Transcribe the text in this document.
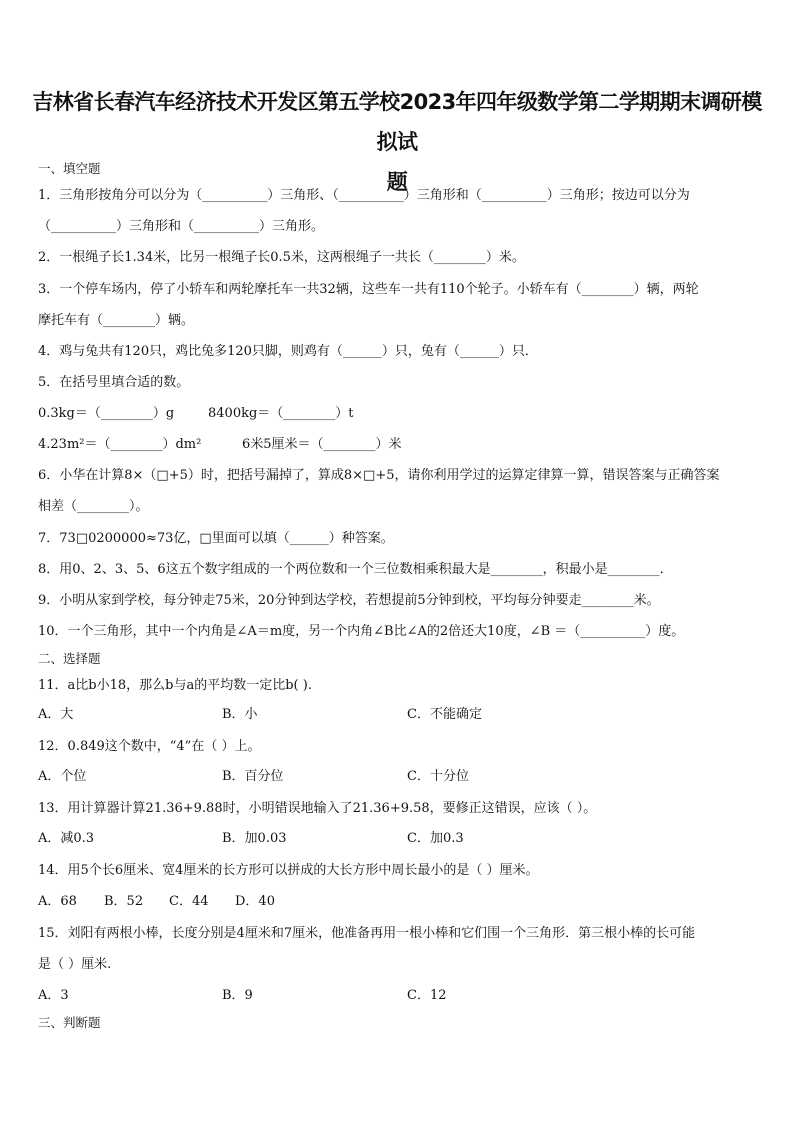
吉林省长春汽车经济技术开发区第五学校2023年四年级数学第二学期期末调研模拟试
题
一、填空题
1．三角形按角分可以分为（__________）三角形、（__________）三角形和（__________）三角形；按边可以分为
（__________）三角形和（__________）三角形。
2．一根绳子长1.34米，比另一根绳子长0.5米，这两根绳子一共长（________）米。
3．一个停车场内，停了小轿车和两轮摩托车一共32辆，这些车一共有110个轮子。小轿车有（________）辆，两轮
摩托车有（________）辆。
4．鸡与兔共有120只，鸡比兔多120只脚，则鸡有（______）只，兔有（______）只．
5．在括号里填合适的数。
0.3kg＝（________）g	8400kg＝（________）t
4.23m²＝（________）dm²	6米5厘米＝（________）米
6．小华在计算8×（□+5）时，把括号漏掉了，算成8×□+5，请你利用学过的运算定律算一算，错误答案与正确答案
相差（________）。
7．73□0200000≈73亿，□里面可以填（______）种答案。
8．用0、2、3、5、6这五个数字组成的一个两位数和一个三位数相乘积最大是________，积最小是________．
9．小明从家到学校，每分钟走75米，20分钟到达学校，若想提前5分钟到校，平均每分钟要走________米。
10．一个三角形，其中一个内角是∠A＝m度，另一个内角∠B比∠A的2倍还大10度，∠B ＝（__________）度。
二、选择题
11．a比b小18，那么b与a的平均数一定比b( ).
A．大	B．小	C．不能确定
12．0.849这个数中，“4”在（ ）上。
A．个位	B．百分位	C．十分位
13．用计算器计算21.36+9.88时，小明错误地输入了21.36+9.58，要修正这错误，应该（ ）。
A．减0.3	B．加0.03	C．加0.3
14．用5个长6厘米、宽4厘米的长方形可以拼成的大长方形中周长最小的是（ ）厘米。
A．68 B．52 C．44 D．40
15．刘阳有两根小棒，长度分别是4厘米和7厘米，他准备再用一根小棒和它们围一个三角形．第三根小棒的长可能
是（ ）厘米.
A．3	B．9	C．12
三、判断题
